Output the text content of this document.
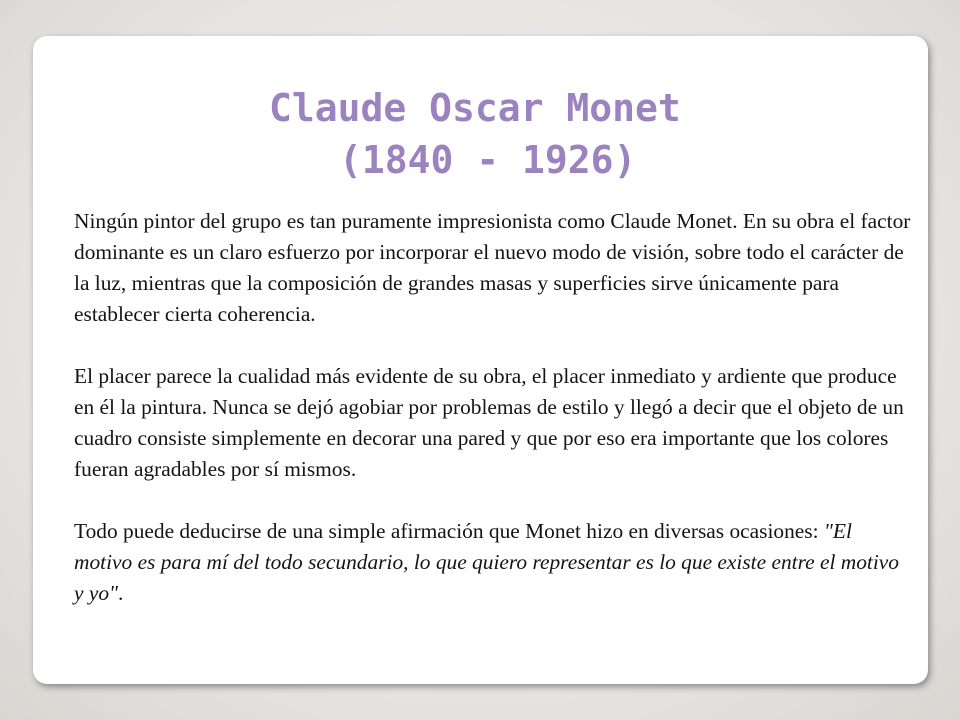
Claude Oscar Monet
(1840 - 1926)

Ningún pintor del grupo es tan puramente impresionista como Claude Monet. En su obra el factor dominante es un claro esfuerzo por incorporar el nuevo modo de visión, sobre todo el carácter de la luz, mientras que la composición de grandes masas y superficies sirve únicamente para establecer cierta coherencia.

El placer parece la cualidad más evidente de su obra, el placer inmediato y ardiente que produce en él la pintura. Nunca se dejó agobiar por problemas de estilo y llegó a decir que el objeto de un cuadro consiste simplemente en decorar una pared y que por eso era importante que los colores fueran agradables por sí mismos.

Todo puede deducirse de una simple afirmación que Monet hizo en diversas ocasiones: "El motivo es para mí del todo secundario, lo que quiero representar es lo que existe entre el motivo y yo".
